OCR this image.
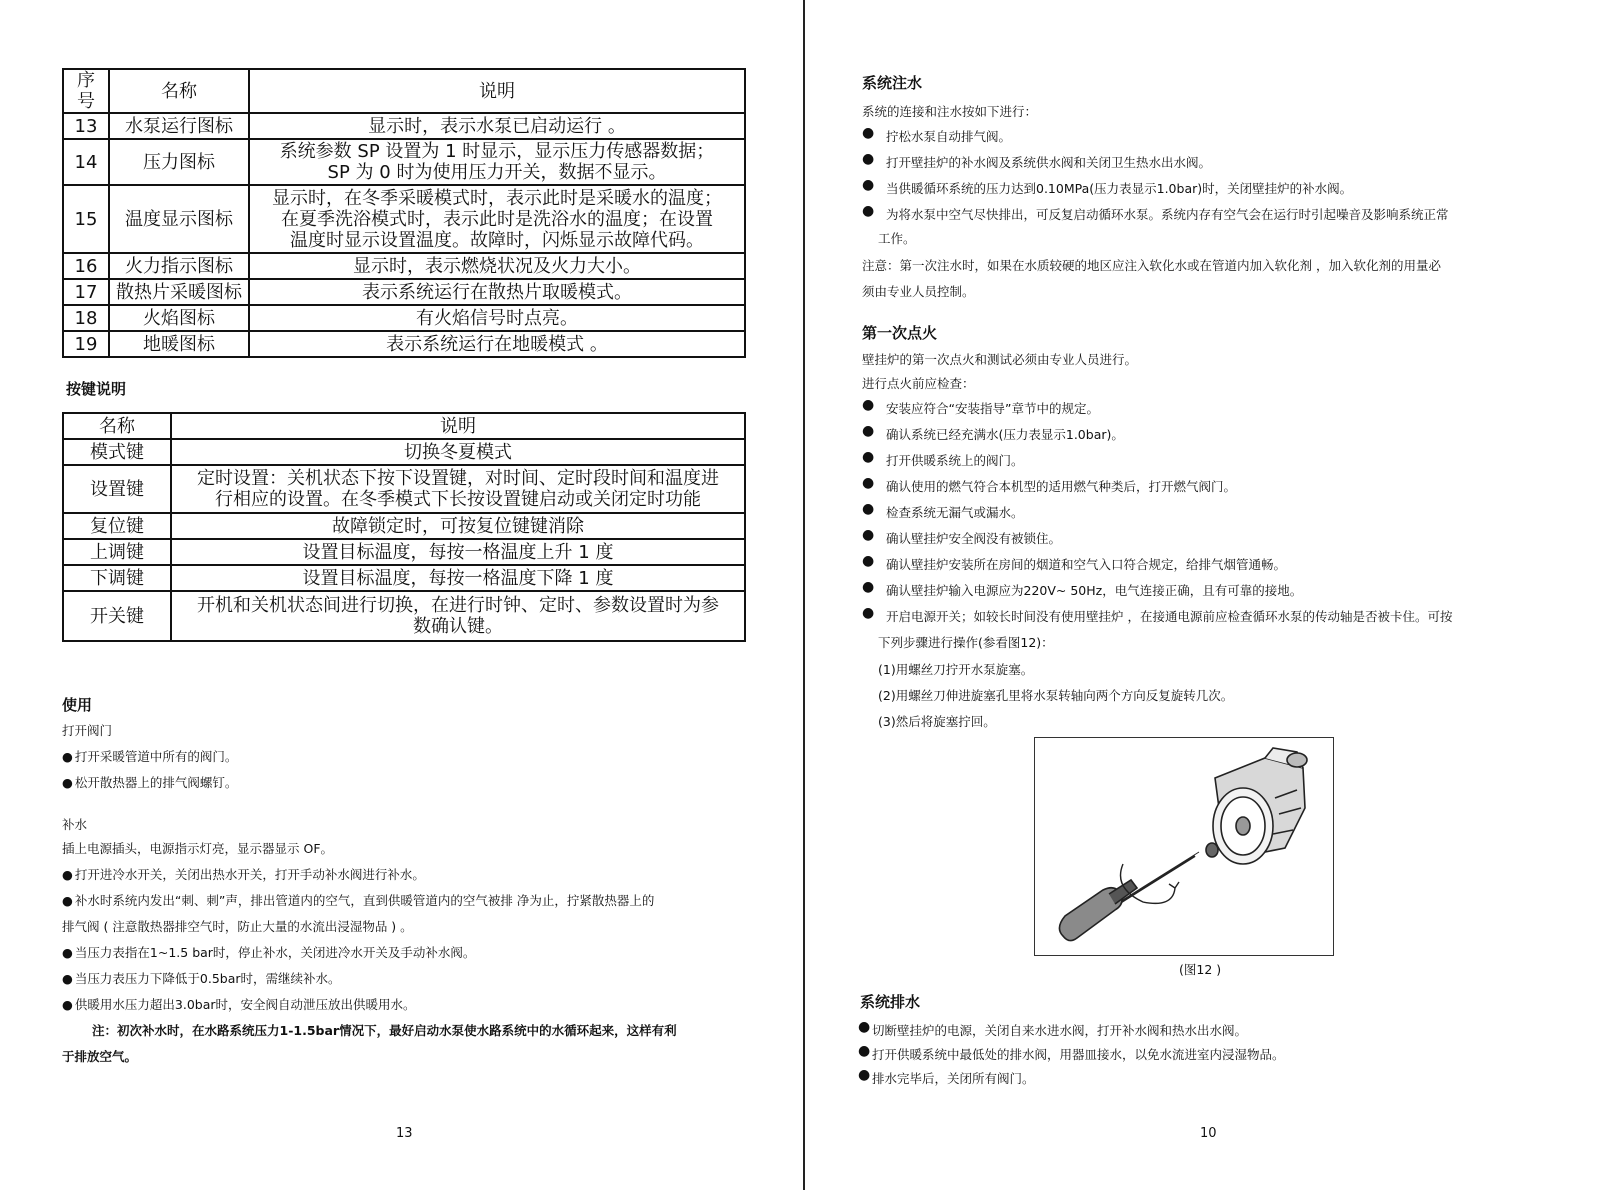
序号	名称	说明
13	水泵运行图标	显示时，表示水泵已启动运行 。

14	压力图标	系统参数 SP 设置为 1 时显示，显示压力传感器数据；
SP 为 0 时为使用压力开关，数据不显示。

15	温度显示图标	显示时，在冬季采暖模式时，表示此时是采暖水的温度；
在夏季洗浴模式时，表示此时是洗浴水的温度；在设置
温度时显示设置温度。故障时，闪烁显示故障代码。

16	火力指示图标	显示时，表示燃烧状况及火力大小。

17	散热片采暖图标	表示系统运行在散热片取暖模式。

18	火焰图标	有火焰信号时点亮。

19	地暖图标	表示系统运行在地暖模式 。
按键说明
名称	说明
模式键	切换冬夏模式

设置键	定时设置：关机状态下按下设置键，对时间、定时段时间和温度进
行相应的设置。在冬季模式下长按设置键启动或关闭定时功能

复位键	故障锁定时，可按复位键键消除

上调键	设置目标温度，每按一格温度上升 1 度

下调键	设置目标温度，每按一格温度下降 1 度

开关键	开机和关机状态间进行切换，在进行时钟、定时、参数设置时为参
数确认键。
使用
打开阀门
● 打开采暖管道中所有的阀门。
● 松开散热器上的排气阀螺钉。
补水
插上电源插头，电源指示灯亮，显示器显示 OF。
● 打开进冷水开关，关闭出热水开关，打开手动补水阀进行补水。
● 补水时系统内发出“刺、刺”声，排出管道内的空气，直到供暖管道内的空气被排 净为止，拧紧散热器上的
排气阀 ( 注意散热器排空气时，防止大量的水流出浸湿物品 ) 。
● 当压力表指在1~1.5 bar时，停止补水，关闭进冷水开关及手动补水阀。
● 当压力表压力下降低于0.5bar时，需继续补水。
● 供暖用水压力超出3.0bar时，安全阀自动泄压放出供暖用水。
注：初次补水时，在水路系统压力1-1.5bar情况下，最好启动水泵使水路系统中的水循环起来，这样有利
于排放空气。
13
系统注水
系统的连接和注水按如下进行：
● 拧松水泵自动排气阀。
● 打开壁挂炉的补水阀及系统供水阀和关闭卫生热水出水阀。
● 当供暖循环系统的压力达到0.10MPa(压力表显示1.0bar)时，关闭壁挂炉的补水阀。
● 为将水泵中空气尽快排出，可反复启动循环水泵。系统内存有空气会在运行时引起噪音及影响系统正常
工作。
注意：第一次注水时，如果在水质较硬的地区应注入软化水或在管道内加入软化剂 ，加入软化剂的用量必
须由专业人员控制。
第一次点火
壁挂炉的第一次点火和测试必须由专业人员进行。
进行点火前应检查：
● 安装应符合“安装指导”章节中的规定。
● 确认系统已经充满水(压力表显示1.0bar)。
● 打开供暖系统上的阀门。
● 确认使用的燃气符合本机型的适用燃气种类后，打开燃气阀门。
● 检查系统无漏气或漏水。
● 确认壁挂炉安全阀没有被锁住。
● 确认壁挂炉安装所在房间的烟道和空气入口符合规定，给排气烟管通畅。
● 确认壁挂炉输入电源应为220V~ 50Hz，电气连接正确，且有可靠的接地。
● 开启电源开关；如较长时间没有使用壁挂炉 ，在接通电源前应检查循环水泵的传动轴是否被卡住。可按
下列步骤进行操作(参看图12)：
(1)用螺丝刀拧开水泵旋塞。
(2)用螺丝刀伸进旋塞孔里将水泵转轴向两个方向反复旋转几次。
(3)然后将旋塞拧回。
(图12 )
系统排水
● 切断壁挂炉的电源，关闭自来水进水阀，打开补水阀和热水出水阀。
● 打开供暖系统中最低处的排水阀，用器皿接水，以免水流进室内浸湿物品。
● 排水完毕后，关闭所有阀门。
10
